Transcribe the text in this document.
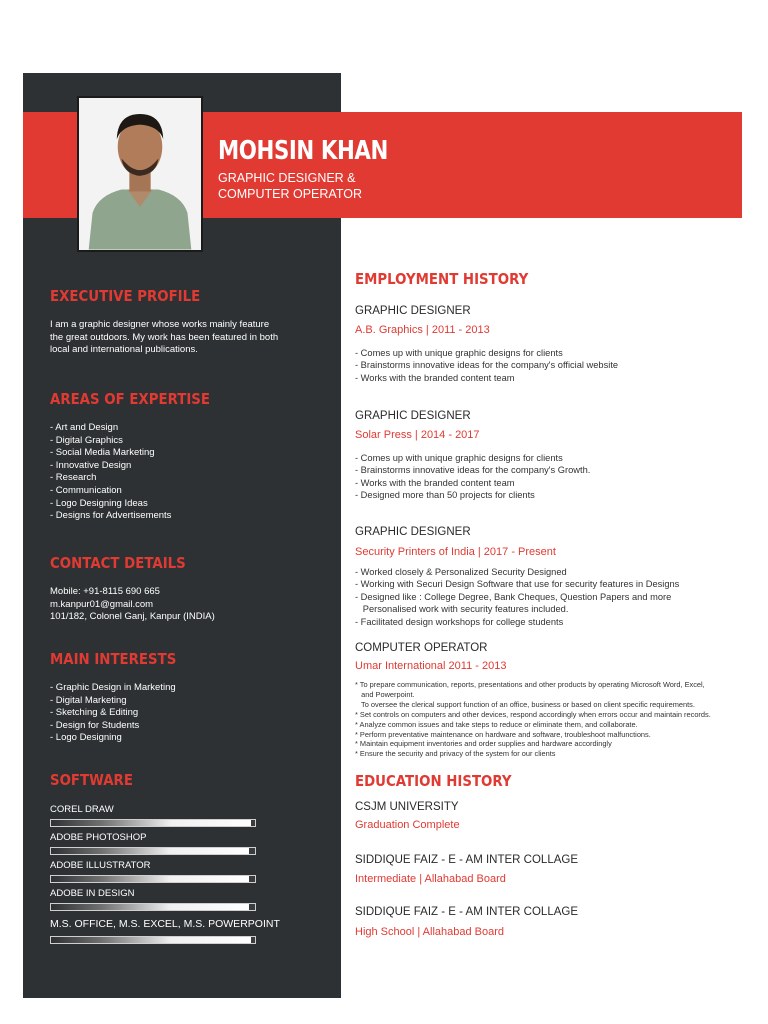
MOHSIN KHAN
GRAPHIC DESIGNER &
COMPUTER OPERATOR
EXECUTIVE PROFILE
I am a graphic designer whose works mainly feature
the great outdoors. My work has been featured in both
local and international publications.
AREAS OF EXPERTISE
- Art and Design
- Digital Graphics
- Social Media Marketing
- Innovative Design
- Research
- Communication
- Logo Designing Ideas
- Designs for Advertisements
CONTACT DETAILS
Mobile: +91-8115 690 665
m.kanpur01@gmail.com
101/182, Colonel Ganj, Kanpur (INDIA)
MAIN INTERESTS
- Graphic Design in Marketing
- Digital Marketing
- Sketching & Editing
- Design for Students
- Logo Designing
SOFTWARE
COREL DRAW
ADOBE PHOTOSHOP
ADOBE ILLUSTRATOR
ADOBE IN DESIGN
M.S. OFFICE, M.S. EXCEL, M.S. POWERPOINT
EMPLOYMENT HISTORY
GRAPHIC DESIGNER
A.B. Graphics | 2011 - 2013
- Comes up with unique graphic designs for clients
- Brainstorms innovative ideas for the company's official website
- Works with the branded content team
GRAPHIC DESIGNER
Solar Press | 2014 - 2017
- Comes up with unique graphic designs for clients
- Brainstorms innovative ideas for the company's Growth.
- Works with the branded content team
- Designed more than 50 projects for clients
GRAPHIC DESIGNER
Security Printers of India | 2017 - Present
- Worked closely & Personalized Security Designed
- Working with Securi Design Software that use for security features in Designs
- Designed like : College Degree, Bank Cheques, Question Papers and more
Personalised work with security features included.
- Facilitated design workshops for college students
COMPUTER OPERATOR
Umar International 2011 - 2013
* To prepare communication, reports, presentations and other products by operating Microsoft Word, Excel,
and Powerpoint.
To oversee the clerical support function of an office, business or based on client specific requirements.
* Set controls on computers and other devices, respond accordingly when errors occur and maintain records.
* Analyze common issues and take steps to reduce or eliminate them, and collaborate.
* Perform preventative maintenance on hardware and software, troubleshoot malfunctions.
* Maintain equipment inventories and order supplies and hardware accordingly
* Ensure the security and privacy of the system for our clients
EDUCATION HISTORY
CSJM UNIVERSITY
Graduation Complete
SIDDIQUE FAIZ - E - AM INTER COLLAGE
Intermediate | Allahabad Board
SIDDIQUE FAIZ - E - AM INTER COLLAGE
High School | Allahabad Board
